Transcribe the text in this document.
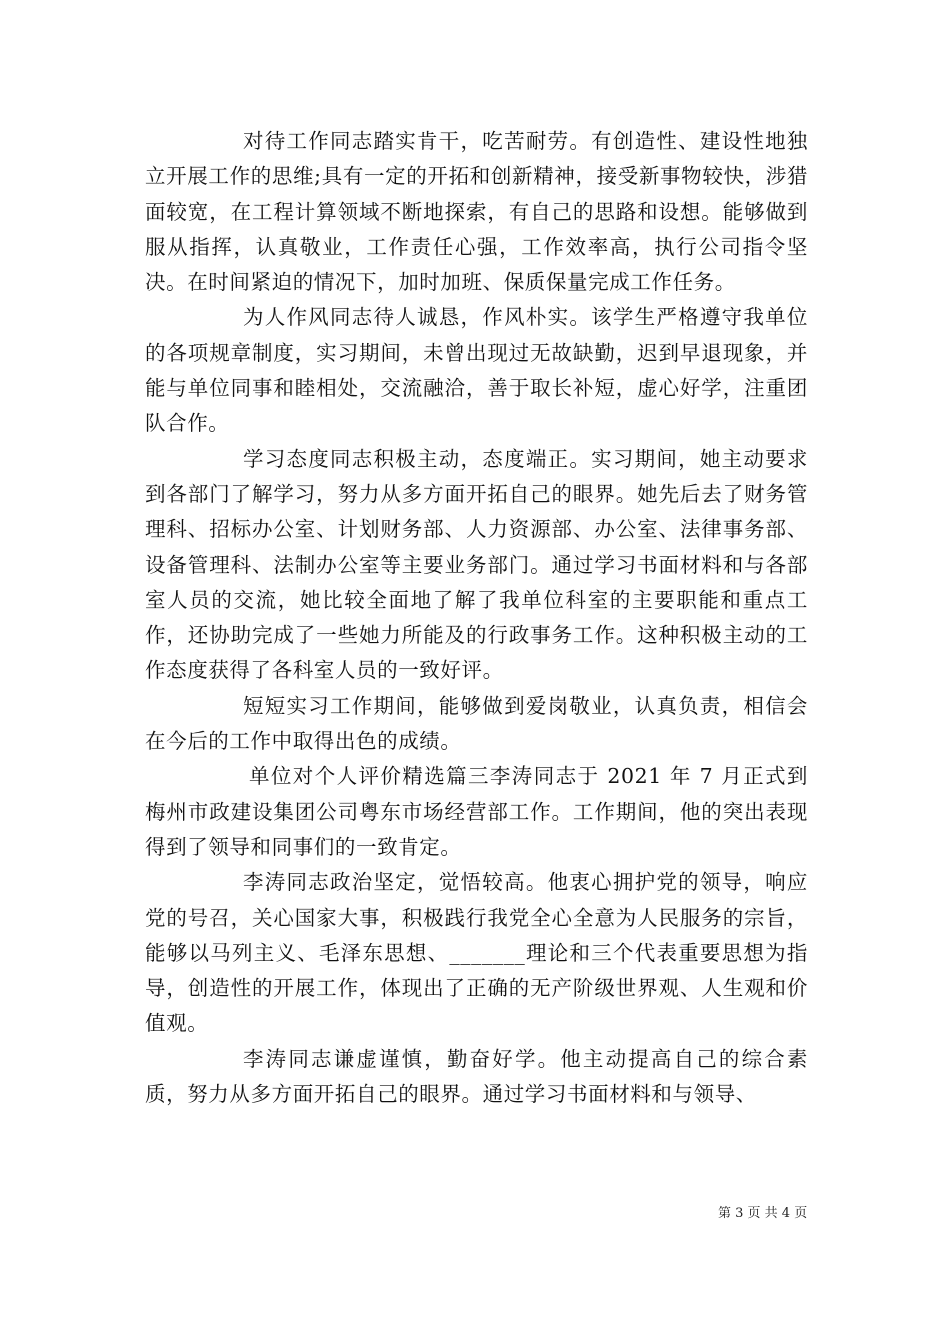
对待工作同志踏实肯干，吃苦耐劳。有创造性、建设性地独立开展工作的思维;具有一定的开拓和创新精神，接受新事物较快，涉猎面较宽，在工程计算领域不断地探索，有自己的思路和设想。能够做到服从指挥，认真敬业，工作责任心强，工作效率高，执行公司指令坚决。在时间紧迫的情况下，加时加班、保质保量完成工作任务。

为人作风同志待人诚恳，作风朴实。该学生严格遵守我单位的各项规章制度，实习期间，未曾出现过无故缺勤，迟到早退现象，并能与单位同事和睦相处，交流融洽，善于取长补短，虚心好学，注重团队合作。

学习态度同志积极主动，态度端正。实习期间，她主动要求到各部门了解学习，努力从多方面开拓自己的眼界。她先后去了财务管理科、招标办公室、计划财务部、人力资源部、办公室、法律事务部、设备管理科、法制办公室等主要业务部门。通过学习书面材料和与各部室人员的交流，她比较全面地了解了我单位科室的主要职能和重点工作，还协助完成了一些她力所能及的行政事务工作。这种积极主动的工作态度获得了各科室人员的一致好评。

短短实习工作期间，能够做到爱岗敬业，认真负责，相信会在今后的工作中取得出色的成绩。

单位对个人评价精选篇三李涛同志于 2021 年 7 月正式到梅州市政建设集团公司粤东市场经营部工作。工作期间，他的突出表现得到了领导和同事们的一致肯定。

李涛同志政治坚定，觉悟较高。他衷心拥护党的领导，响应党的号召，关心国家大事，积极践行我党全心全意为人民服务的宗旨，能够以马列主义、毛泽东思想、_______理论和三个代表重要思想为指导，创造性的开展工作，体现出了正确的无产阶级世界观、人生观和价值观。

李涛同志谦虚谨慎，勤奋好学。他主动提高自己的综合素质，努力从多方面开拓自己的眼界。通过学习书面材料和与领导、

第 3 页 共 4 页
